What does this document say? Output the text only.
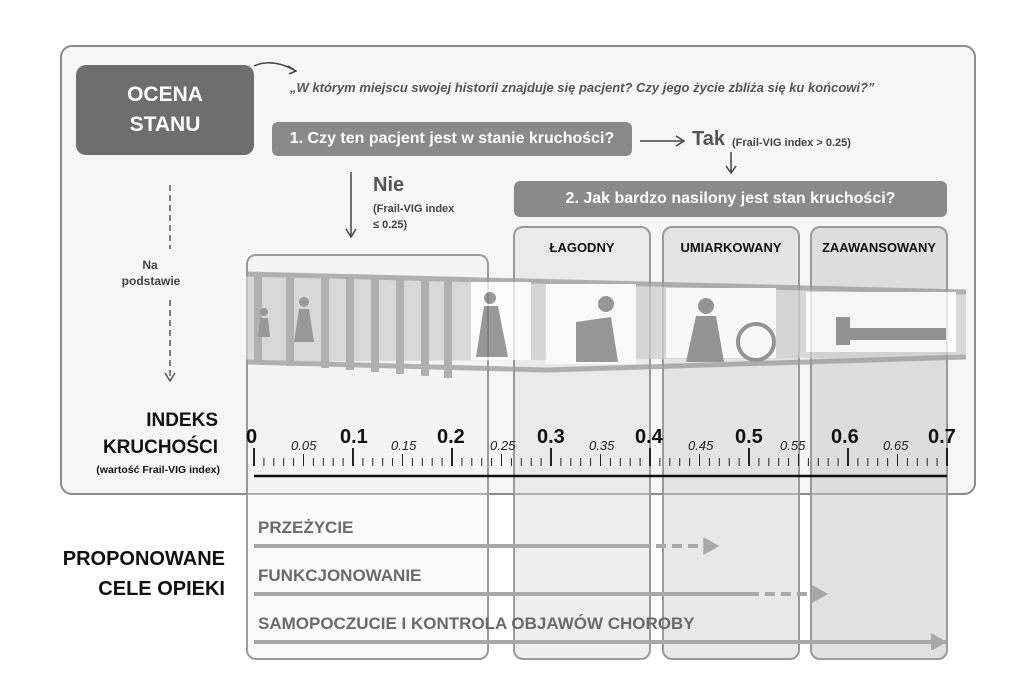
OCENA
STANU
„W którym miejscu swojej historii znajduje się pacjent? Czy jego życie zbliża się ku końcowi?”
1. Czy ten pacjent jest w stanie kruchości?	Tak (Frail-VIG index > 0.25)
Nie
(Frail-VIG index
≤ 0.25)
2. Jak bardzo nasilony jest stan kruchości?
Na
podstawie
ŁAGODNY	UMIARKOWANY	ZAAWANSOWANY
INDEKS
KRUCHOŚCI
(wartość Frail-VIG index)
0	0.1	0.2	0.3	0.4	0.5	0.6	0.7
0.05	0.15	0.25	0.35	0.45	0.55	0.65
PROPONOWANE
CELE OPIEKI
PRZEŻYCIE
FUNKCJONOWANIE
SAMOPOCZUCIE I KONTROLA OBJAWÓW CHOROBY
